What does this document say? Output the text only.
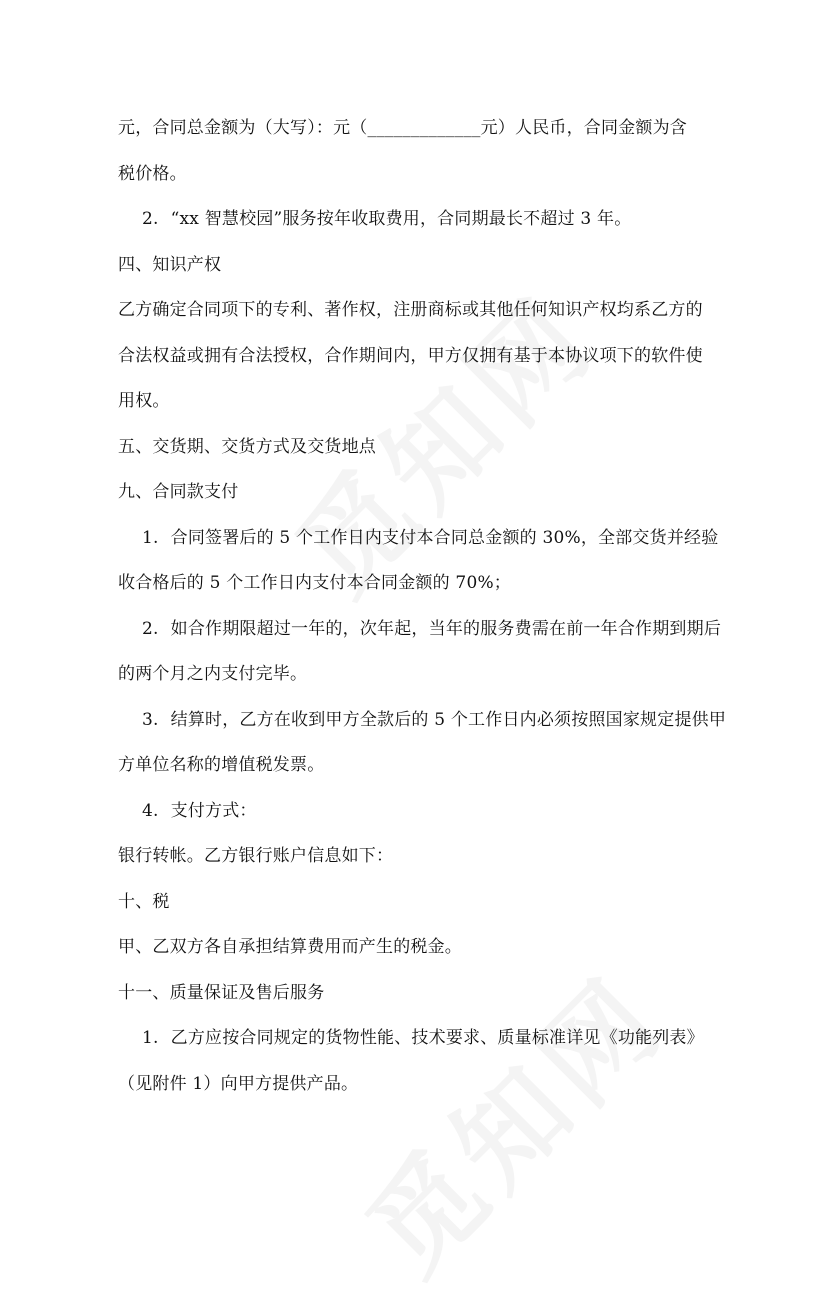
元，合同总金额为（大写）：元（_____________元）人民币，合同金额为含

税价格。

2. “xx 智慧校园”服务按年收取费用，合同期最长不超过 3 年。

四、知识产权

乙方确定合同项下的专利、著作权，注册商标或其他任何知识产权均系乙方的

合法权益或拥有合法授权，合作期间内，甲方仅拥有基于本协议项下的软件使

用权。

五、交货期、交货方式及交货地点

九、合同款支付

1. 合同签署后的 5 个工作日内支付本合同总金额的 30%，全部交货并经验

收合格后的 5 个工作日内支付本合同金额的 70%；

2. 如合作期限超过一年的，次年起，当年的服务费需在前一年合作期到期后

的两个月之内支付完毕。

3. 结算时，乙方在收到甲方全款后的 5 个工作日内必须按照国家规定提供甲

方单位名称的增值税发票。

4. 支付方式：

银行转帐。乙方银行账户信息如下：

十、税

甲、乙双方各自承担结算费用而产生的税金。

十一、质量保证及售后服务

1. 乙方应按合同规定的货物性能、技术要求、质量标准详见《功能列表》

（见附件 1）向甲方提供产品。
